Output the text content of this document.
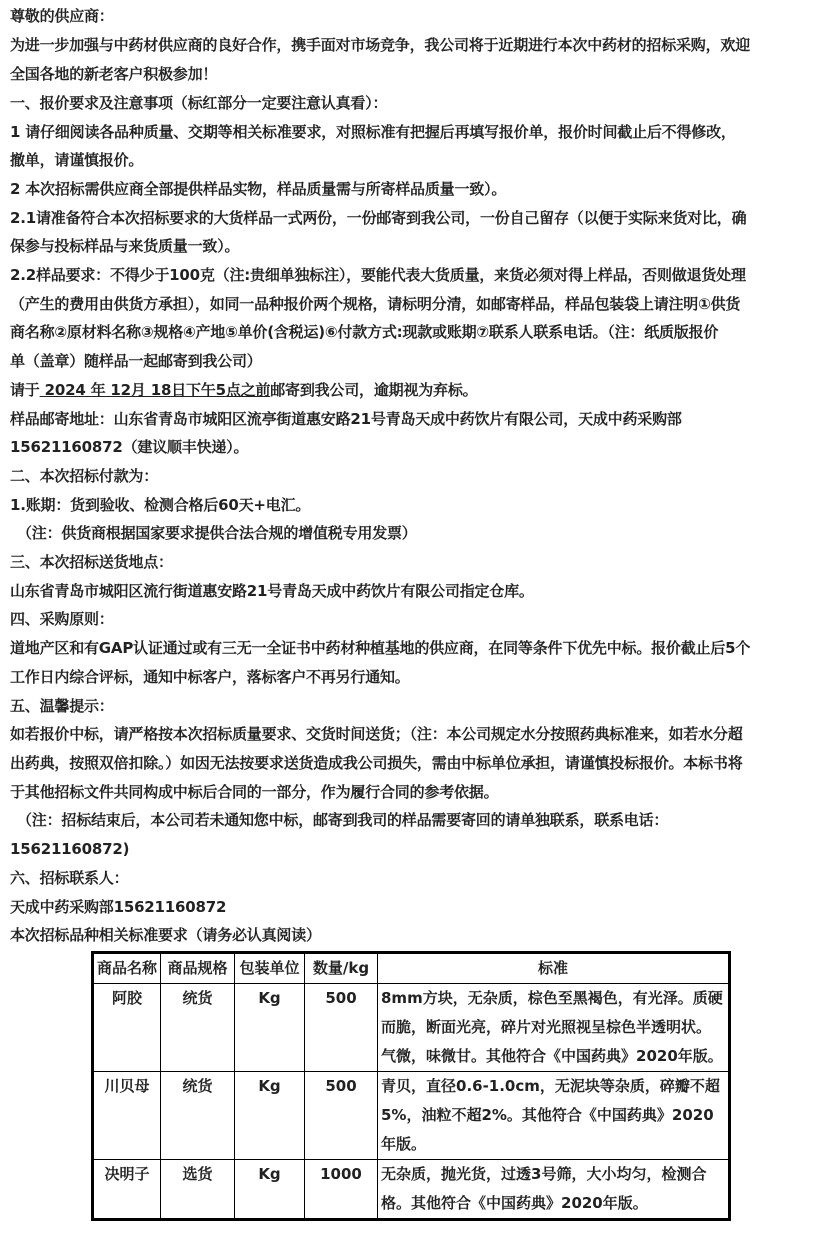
尊敬的供应商：
为进一步加强与中药材供应商的良好合作，携手面对市场竞争，我公司将于近期进行本次中药材的招标采购，欢迎
全国各地的新老客户积极参加！
一、报价要求及注意事项（标红部分一定要注意认真看）：
1 请仔细阅读各品种质量、交期等相关标准要求，对照标准有把握后再填写报价单，报价时间截止后不得修改，
撤单，请谨慎报价。
2 本次招标需供应商全部提供样品实物，样品质量需与所寄样品质量一致）。
2.1请准备符合本次招标要求的大货样品一式两份，一份邮寄到我公司，一份自己留存（以便于实际来货对比，确
保参与投标样品与来货质量一致）。
2.2样品要求：不得少于100克（注:贵细单独标注），要能代表大货质量，来货必须对得上样品，否则做退货处理
（产生的费用由供货方承担），如同一品种报价两个规格，请标明分清，如邮寄样品，样品包装袋上请注明①供货
商名称②原材料名称③规格④产地⑤单价(含税运)⑥付款方式:现款或账期⑦联系人联系电话。（注：纸质版报价
单（盖章）随样品一起邮寄到我公司）
请于 2024 年 12月 18日下午5点之前邮寄到我公司，逾期视为弃标。
样品邮寄地址：山东省青岛市城阳区流亭街道惠安路21号青岛天成中药饮片有限公司，天成中药采购部
15621160872（建议顺丰快递）。
二、本次招标付款为：
1.账期：货到验收、检测合格后60天+电汇。
（注：供货商根据国家要求提供合法合规的增值税专用发票）
三、本次招标送货地点：
山东省青岛市城阳区流行街道惠安路21号青岛天成中药饮片有限公司指定仓库。
四、采购原则：
道地产区和有GAP认证通过或有三无一全证书中药材种植基地的供应商，在同等条件下优先中标。报价截止后5个
工作日内综合评标，通知中标客户，落标客户不再另行通知。
五、温馨提示：
如若报价中标，请严格按本次招标质量要求、交货时间送货；（注：本公司规定水分按照药典标准来，如若水分超
出药典，按照双倍扣除。）如因无法按要求送货造成我公司损失，需由中标单位承担，请谨慎投标报价。本标书将
于其他招标文件共同构成中标后合同的一部分，作为履行合同的参考依据。
（注：招标结束后，本公司若未通知您中标，邮寄到我司的样品需要寄回的请单独联系，联系电话：
15621160872)
六、招标联系人：
天成中药采购部15621160872
本次招标品种相关标准要求（请务必认真阅读）
商品名称	商品规格	包装单位	数量/kg	标准
阿胶	统货	Kg	500	8mm方块，无杂质，棕色至黑褐色，有光泽。质硬而脆，断面光亮，碎片对光照视呈棕色半透明状。气微，味微甘。其他符合《中国药典》2020年版。
川贝母	统货	Kg	500	青贝，直径0.6-1.0cm，无泥块等杂质，碎瓣不超5%，油粒不超2%。其他符合《中国药典》2020年版。
决明子	选货	Kg	1000	无杂质，抛光货，过透3号筛，大小均匀，检测合格。其他符合《中国药典》2020年版。
